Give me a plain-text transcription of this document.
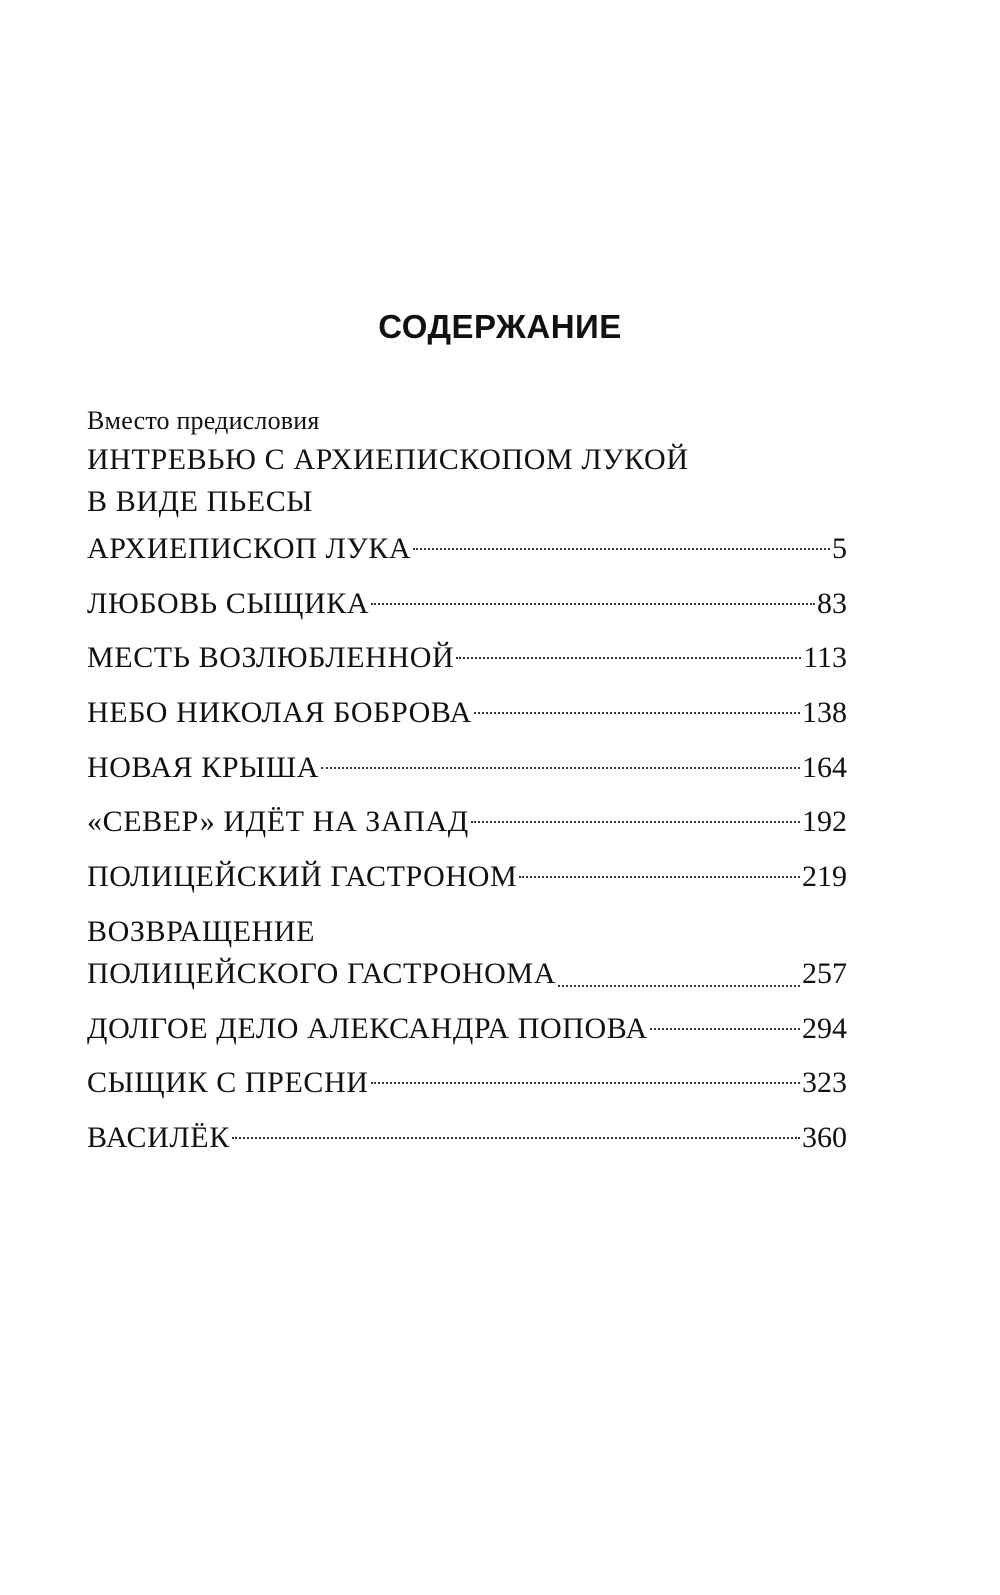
СОДЕРЖАНИЕ
Вместо предисловия
ИНТРЕВЬЮ С АРХИЕПИСКОПОМ ЛУКОЙ
В ВИДЕ ПЬЕСЫ
АРХИЕПИСКОП ЛУКА	5
ЛЮБОВЬ СЫЩИКА	83
МЕСТЬ ВОЗЛЮБЛЕННОЙ	113
НЕБО НИКОЛАЯ БОБРОВА	138
НОВАЯ КРЫША	164
«СЕВЕР» ИДЁТ НА ЗАПАД	192
ПОЛИЦЕЙСКИЙ ГАСТРОНОМ	219
ВОЗВРАЩЕНИЕ
ПОЛИЦЕЙСКОГО ГАСТРОНОМА	257
ДОЛГОЕ ДЕЛО АЛЕКСАНДРА ПОПОВА	294
СЫЩИК С ПРЕСНИ	323
ВАСИЛЁК	360
